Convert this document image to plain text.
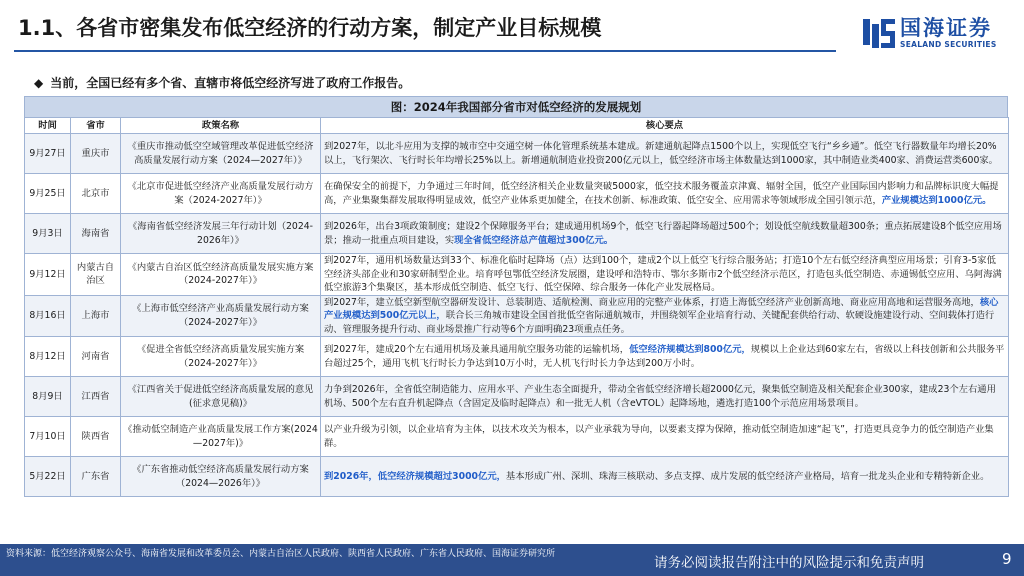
1.1、各省市密集发布低空经济的行动方案，制定产业目标规模	国海证券
SEALAND SECURITIES
◆ 当前，全国已经有多个省、直辖市将低空经济写进了政府工作报告。
图：2024年我国部分省市对低空经济的发展规划
时间	省市	政策名称	核心要点
9月27日	重庆市	《重庆市推动低空空域管理改革促进低空经济高质量发展行动方案（2024—2027年）》	到2027年，以北斗应用为支撑的城市空中交通空树一体化管理系统基本建成。新建通航起降点1500个以上，实现低空飞行“乡乡通”。低空飞行器数量年均增长20%以上，飞行架次、飞行时长年均增长25%以上。新增通航制造业投资200亿元以上，低空经济市场主体数量达到1000家，其中制造业类400家、消费运营类600家。
9月25日	北京市	《北京市促进低空经济产业高质量发展行动方案（2024-2027年）》	在确保安全的前提下，力争通过三年时间，低空经济相关企业数量突破5000家，低空技术服务覆盖京津冀、辐射全国，低空产业国际国内影响力和品牌标识度大幅提高，产业集聚集群发展取得明显成效，低空产业体系更加健全，在技术创新、标准政策、低空安全、应用需求等领域形成全国引领示范，产业规模达到1000亿元。
9月3日	海南省	《海南省低空经济发展三年行动计划（2024-2026年）》	到2026年，出台3项政策制度；建设2个保障服务平台；建成通用机场9个，低空飞行器起降场超过500个；划设低空航线数量超300条；重点拓展建设8个低空应用场景；推动一批重点项目建设，实现全省低空经济总产值超过300亿元。
9月12日	内蒙古自治区	《内蒙古自治区低空经济高质量发展实施方案（2024-2027年）》	到2027年，通用机场数量达到33个、标准化临时起降场（点）达到100个，建成2个以上低空飞行综合服务站；打造10个左右低空经济典型应用场景；引育3-5家低空经济头部企业和30家研制型企业。培育呼包鄂低空经济发展圈，建设呼和浩特市、鄂尔多斯市2个低空经济示范区，打造包头低空制造、赤通锡低空应用、乌阿海满低空旅游3个集聚区，基本形成低空制造、低空飞行、低空保障、综合服务一体化产业发展格局。
8月16日	上海市	《上海市低空经济产业高质量发展行动方案（2024-2027年）》	到2027年，建立低空新型航空器研发设计、总装制造、适航检测、商业应用的完整产业体系，打造上海低空经济产业创新高地、商业应用高地和运营服务高地，核心产业规模达到500亿元以上，联合长三角城市建设全国首批低空省际通航城市，并围绕领军企业培育行动、关键配套供给行动、软硬设施建设行动、空间载体打造行动、管理服务提升行动、商业场景推广行动等6个方面明确23项重点任务。
8月12日	河南省	《促进全省低空经济高质量发展实施方案（2024-2027年）》	到2027年，建成20个左右通用机场及兼具通用航空服务功能的运输机场，低空经济规模达到800亿元，规模以上企业达到60家左右，省级以上科技创新和公共服务平台超过25个，通用飞机飞行时长力争达到10万小时，无人机飞行时长力争达到200万小时。
8月9日	江西省	《江西省关于促进低空经济高质量发展的意见(征求意见稿)》	力争到2026年，全省低空制造能力、应用水平、产业生态全面提升，带动全省低空经济增长超2000亿元，聚集低空制造及相关配套企业300家，建成23个左右通用机场、500个左右直升机起降点（含固定及临时起降点）和一批无人机（含eVTOL）起降场地，遴选打造100个示范应用场景项目。
7月10日	陕西省	《推动低空制造产业高质量发展工作方案(2024—2027年)》	以产业升级为引领，以企业培育为主体，以技术攻关为根本，以产业承载为导向，以要素支撑为保障，推动低空制造加速“起飞”，打造更具竞争力的低空制造产业集群。
5月22日	广东省	《广东省推动低空经济高质量发展行动方案（2024—2026年）》	到2026年，低空经济规模超过3000亿元，基本形成广州、深圳、珠海三核联动、多点支撑、成片发展的低空经济产业格局，培育一批龙头企业和专精特新企业。
资料来源：低空经济观察公众号、海南省发展和改革委员会、内蒙古自治区人民政府、陕西省人民政府、广东省人民政府、国海证券研究所
请务必阅读报告附注中的风险提示和免责声明	9
